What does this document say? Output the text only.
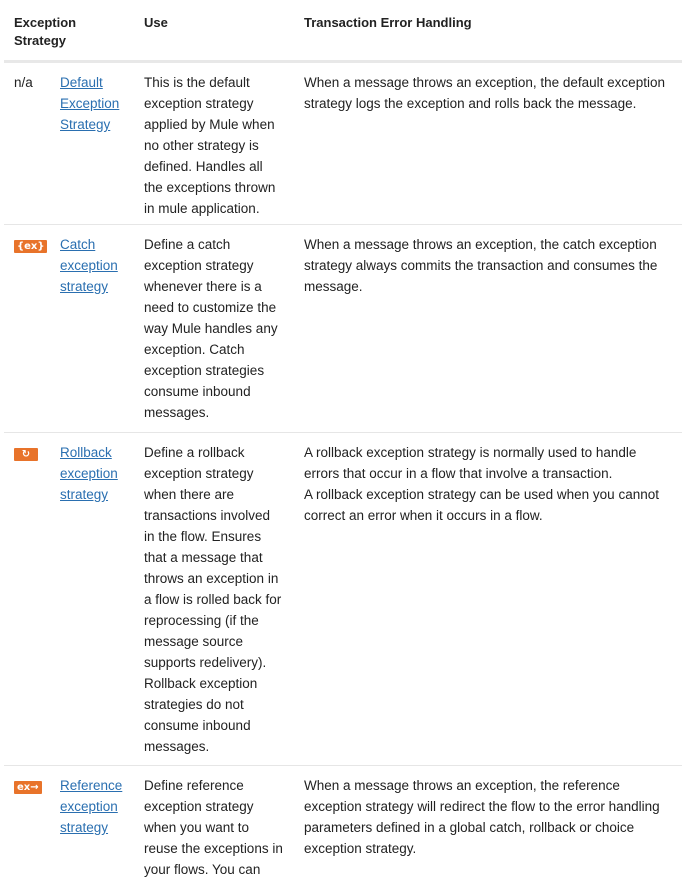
Exception
Strategy
Use	Transaction Error Handling
n/a Default
Exception
Strategy
This is the default
exception strategy
applied by Mule when
no other strategy is
defined. Handles all
the exceptions thrown
in mule application.
When a message throws an exception, the default exception
strategy logs the exception and rolls back the message.
{ex} Catch
exception
strategy
Define a catch
exception strategy
whenever there is a
need to customize the
way Mule handles any
exception. Catch
exception strategies
consume inbound
messages.
When a message throws an exception, the catch exception
strategy always commits the transaction and consumes the
message.
↻	Rollback
exception
strategy
Define a rollback
exception strategy
when there are
transactions involved
in the flow. Ensures
that a message that
throws an exception in
a flow is rolled back for
reprocessing (if the
message source
supports redelivery).
Rollback exception
strategies do not
consume inbound
messages.
A rollback exception strategy is normally used to handle
errors that occur in a flow that involve a transaction.
A rollback exception strategy can be used when you cannot
correct an error when it occurs in a flow.
ex→ Reference
exception
strategy
Define reference
exception strategy
when you want to
reuse the exceptions in
your flows. You can
When a message throws an exception, the reference
exception strategy will redirect the flow to the error handling
parameters defined in a global catch, rollback or choice
exception strategy.
